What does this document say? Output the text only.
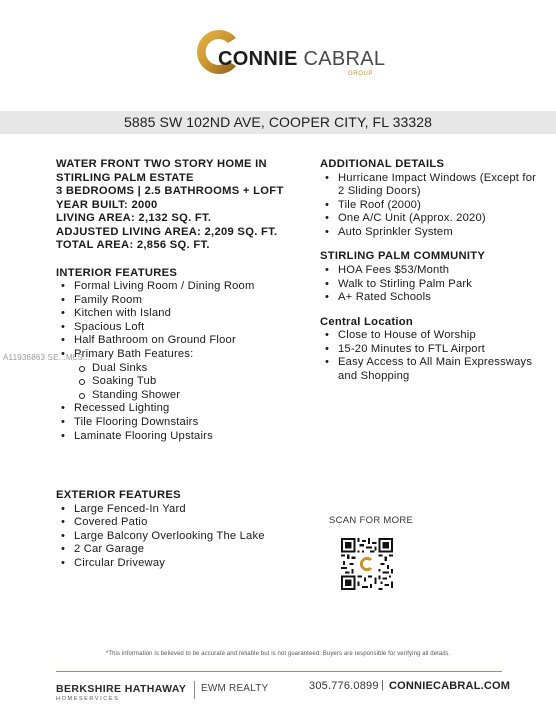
CONNIE CABRAL
GROUP
5885 SW 102ND AVE, COOPER CITY, FL 33328
WATER FRONT TWO STORY HOME IN
STIRLING PALM ESTATE
3 BEDROOMS | 2.5 BATHROOMS + LOFT
YEAR BUILT: 2000
LIVING AREA: 2,132 SQ. FT.
ADJUSTED LIVING AREA: 2,209 SQ. FT.
TOTAL AREA: 2,856 SQ. FT.
INTERIOR FEATURES
• Formal Living Room / Dining Room
• Family Room
• Kitchen with Island
• Spacious Loft
• Half Bathroom on Ground Floor
• Primary Bath Features:
Dual Sinks
Soaking Tub
Standing Shower
• Recessed Lighting
• Tile Flooring Downstairs
• Laminate Flooring Upstairs
A11936863 SE...MLS...
EXTERIOR FEATURES
• Large Fenced-In Yard
• Covered Patio
• Large Balcony Overlooking The Lake
• 2 Car Garage
• Circular Driveway
ADDITIONAL DETAILS
• Hurricane Impact Windows (Except for 2 Sliding Doors)
• Tile Roof (2000)
• One A/C Unit (Approx. 2020)
• Auto Sprinkler System
STIRLING PALM COMMUNITY
• HOA Fees $53/Month
• Walk to Stirling Palm Park
• A+ Rated Schools
Central Location
• Close to House of Worship
• 15-20 Minutes to FTL Airport
• Easy Access to All Main Expressways and Shopping
SCAN FOR MORE
*This information is believed to be accurate and reliable but is not guaranteed. Buyers are responsible for verifying all details.
BERKSHIRE HATHAWAY
HOMESERVICES
EWM REALTY	305.776.0899 | CONNIECABRAL.COM
